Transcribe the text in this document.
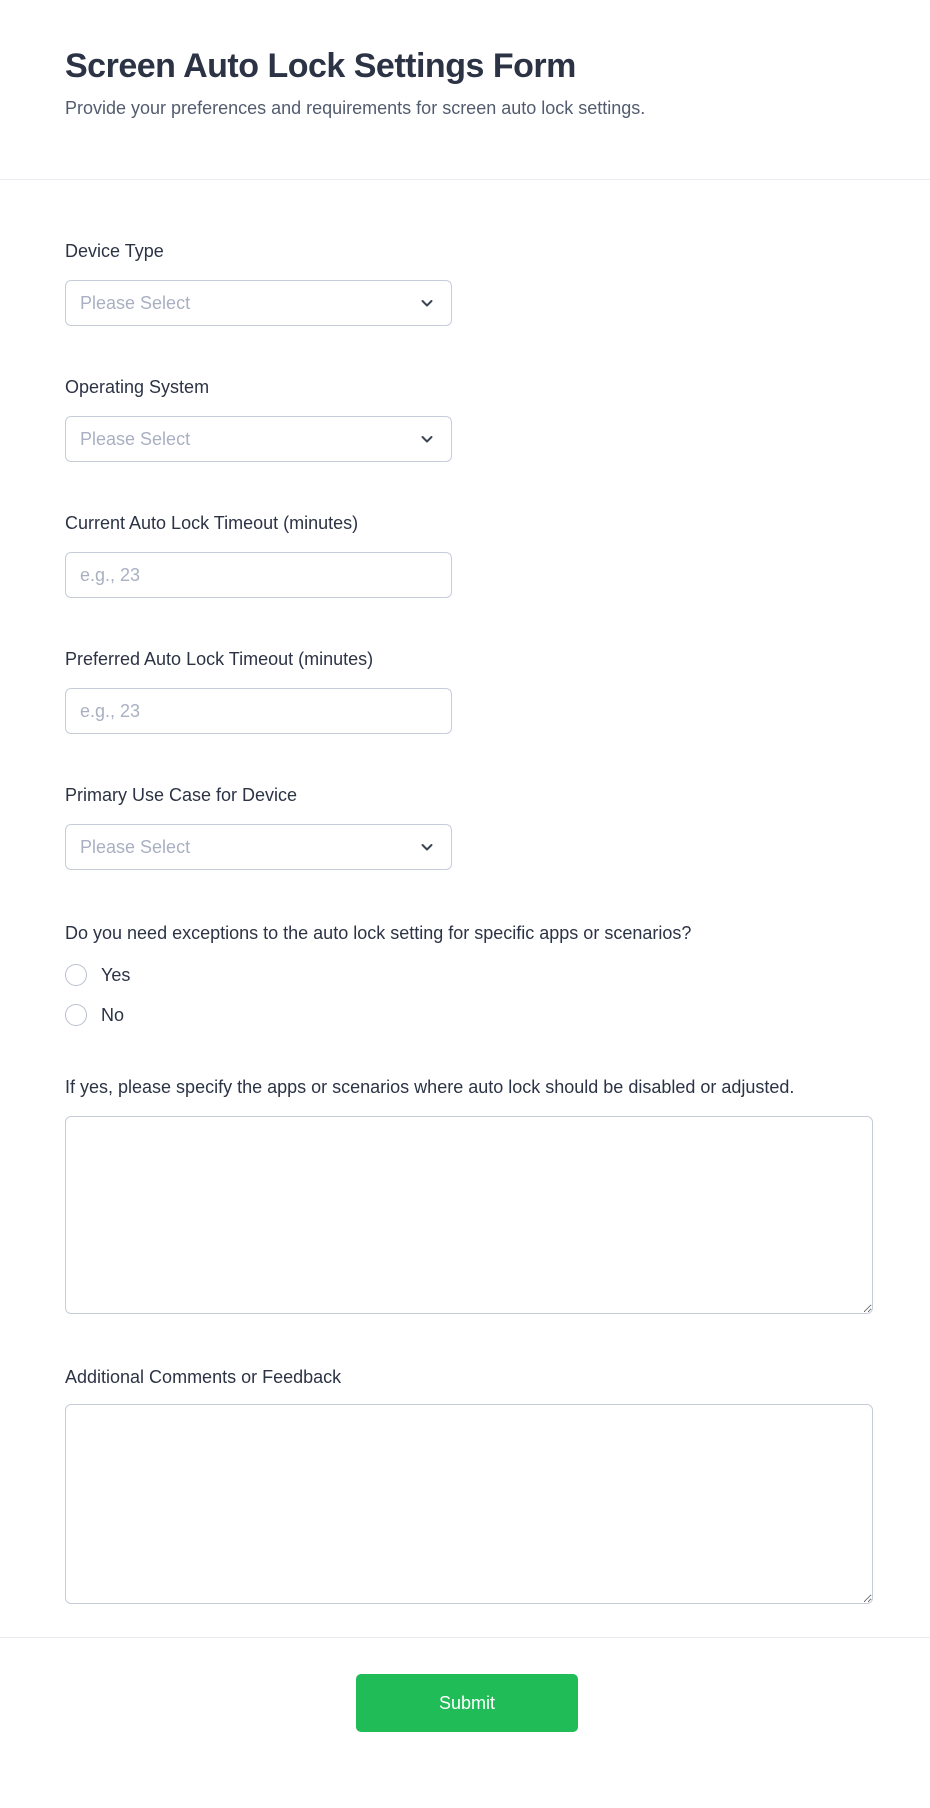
Screen Auto Lock Settings Form

Provide your preferences and requirements for screen auto lock settings.

Device Type
Please Select
Operating System
Please Select
Current Auto Lock Timeout (minutes)
e.g., 23
Preferred Auto Lock Timeout (minutes)
e.g., 23
Primary Use Case for Device
Please Select
Do you need exceptions to the auto lock setting for specific apps or scenarios?
Yes
No
If yes, please specify the apps or scenarios where auto lock should be disabled or adjusted.
Additional Comments or Feedback
Submit
